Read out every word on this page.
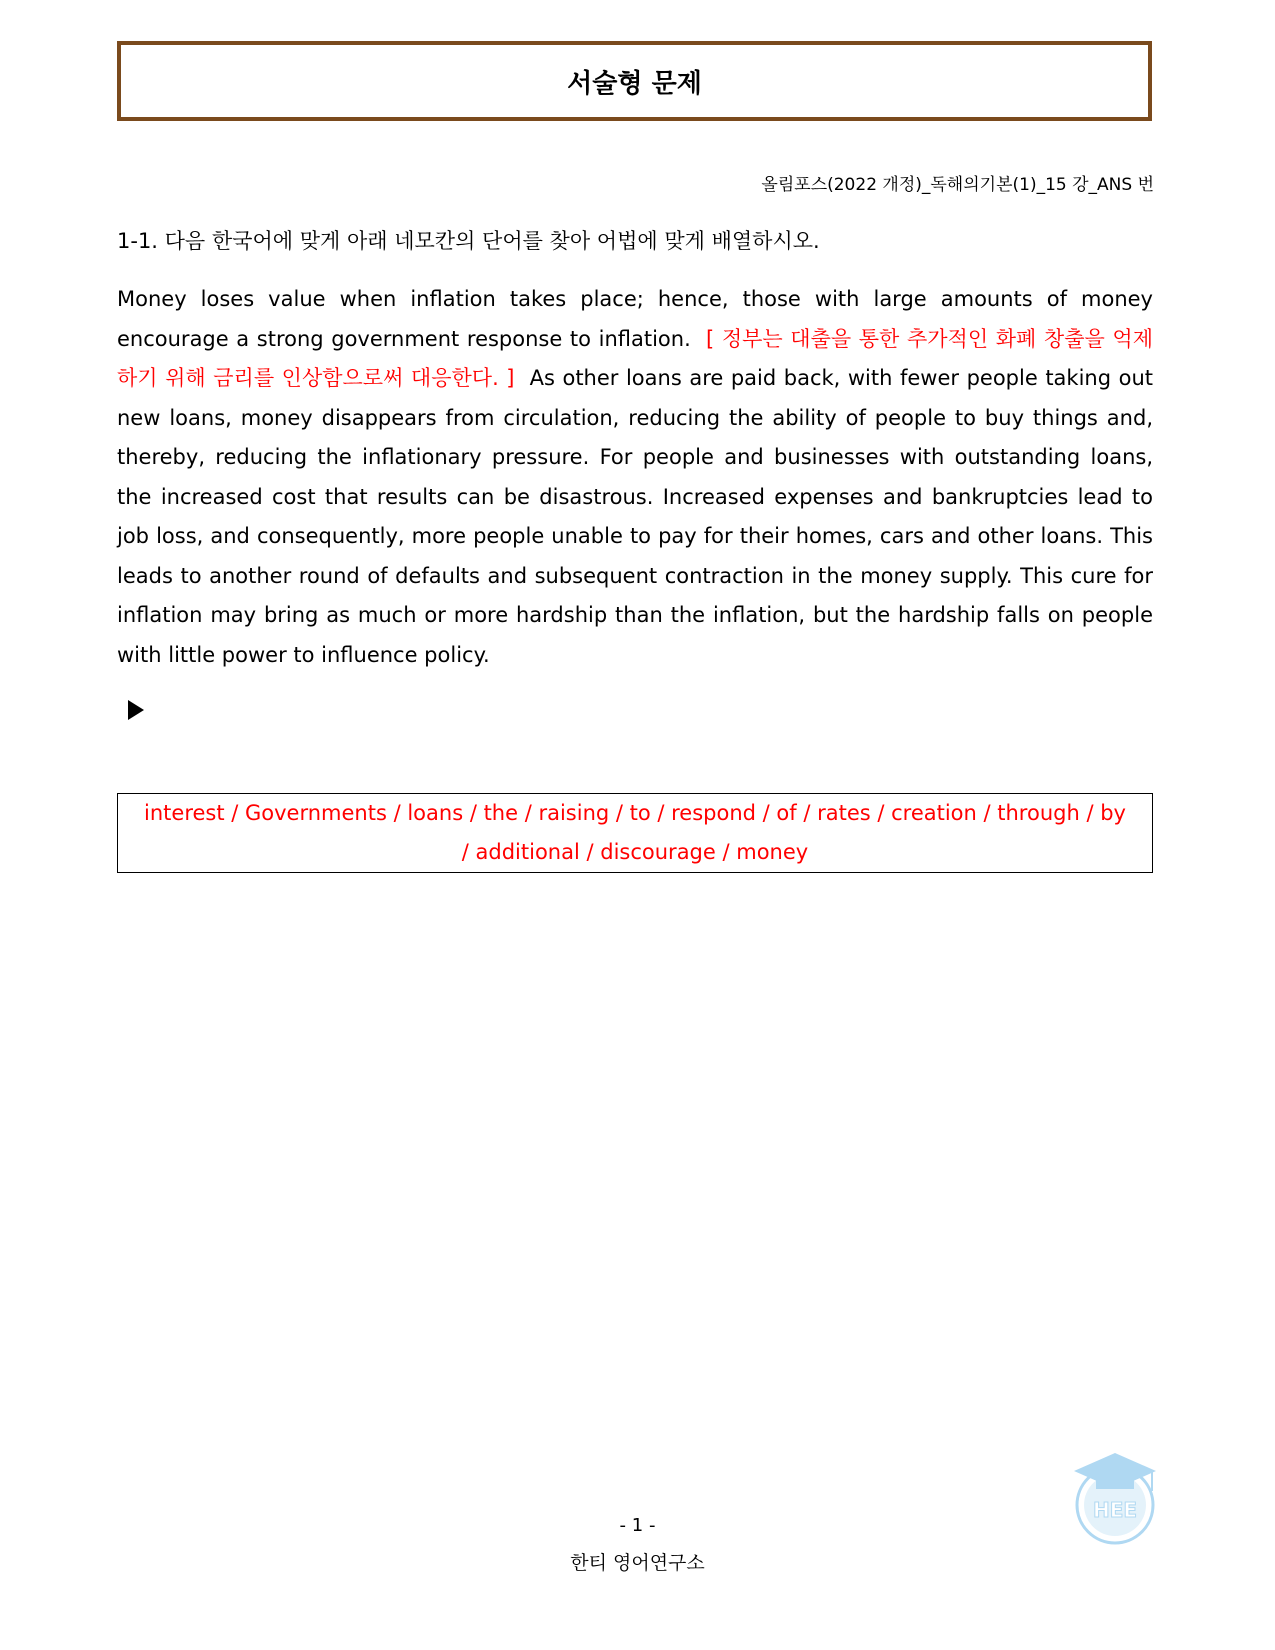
서술형 문제
올림포스(2022 개정)_독해의기본(1)_15 강_ANS 번
1-1. 다음 한국어에 맞게 아래 네모칸의 단어를 찾아 어법에 맞게 배열하시오.
Money loses value when inflation takes place; hence, those with large amounts of money encourage a strong government response to inflation. [ 정부는 대출을 통한 추가적인 화폐 창출을 억제하기 위해 금리를 인상함으로써 대응한다. ] As other loans are paid back, with fewer people taking out new loans, money disappears from circulation, reducing the ability of people to buy things and, thereby, reducing the inflationary pressure. For people and businesses with outstanding loans, the increased cost that results can be disastrous. Increased expenses and bankruptcies lead to job loss, and consequently, more people unable to pay for their homes, cars and other loans. This leads to another round of defaults and subsequent contraction in the money supply. This cure for inflation may bring as much or more hardship than the inflation, but the hardship falls on people with little power to influence policy.
interest / Governments / loans / the / raising / to / respond / of / rates / creation / through / by / additional / discourage / money
- 1 -
한티 영어연구소
HEE
